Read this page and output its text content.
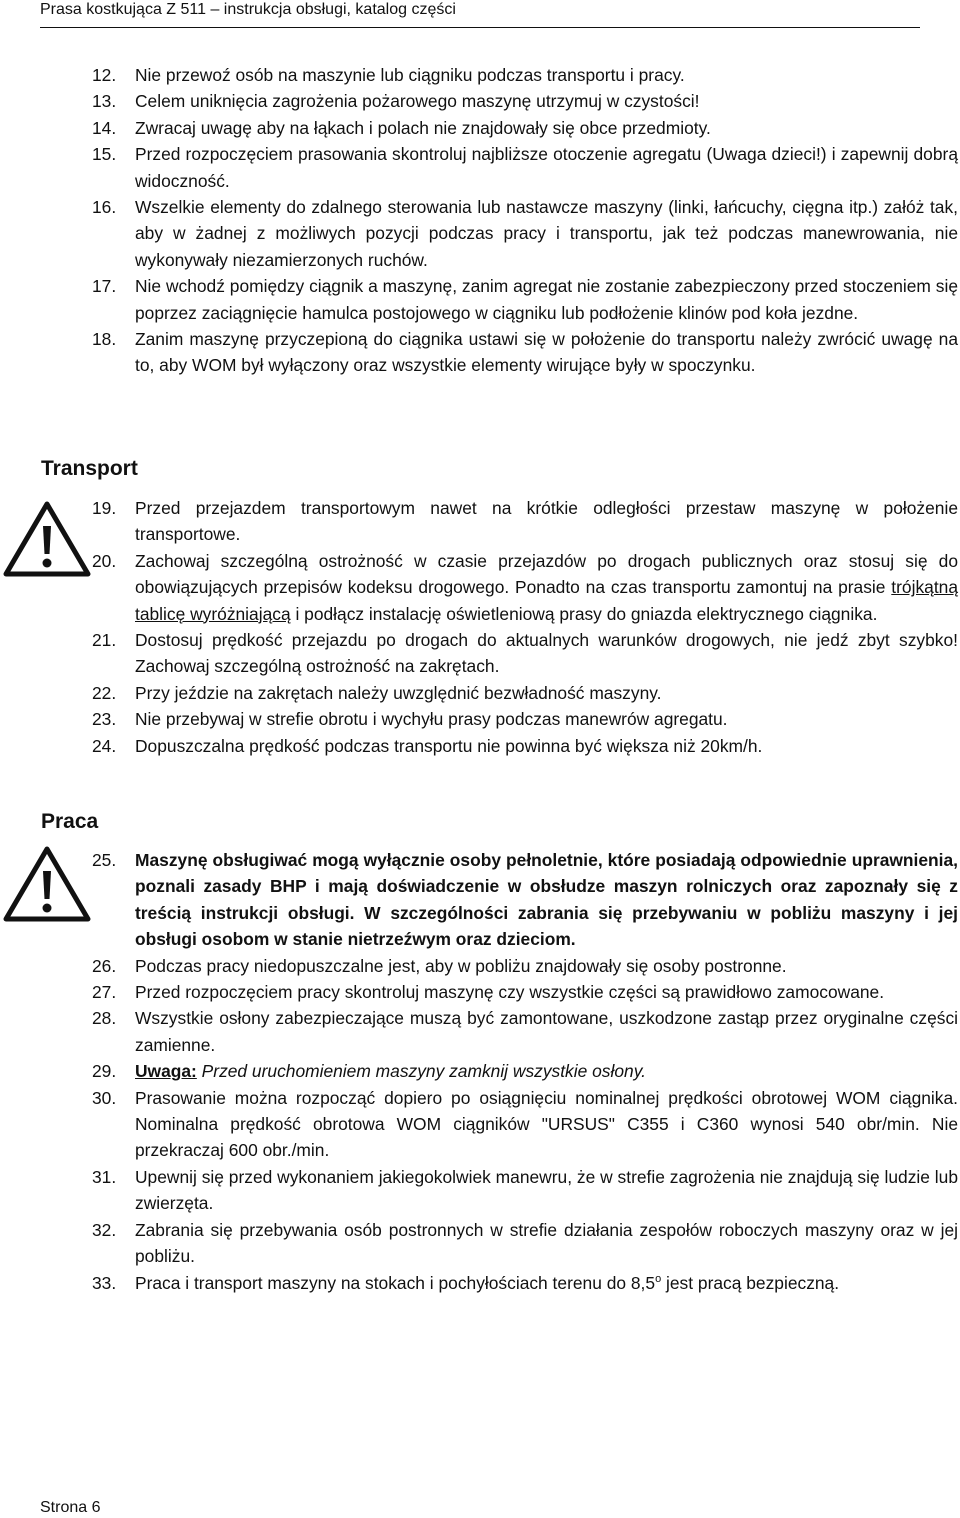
Prasa kostkująca Z 511 – instrukcja obsługi, katalog części
12.	Nie przewoź osób na maszynie lub ciągniku podczas transportu i pracy.
13.	Celem uniknięcia zagrożenia pożarowego maszynę utrzymuj w czystości!
14.	Zwracaj uwagę aby na łąkach i polach nie znajdowały się obce przedmioty.
15.	Przed rozpoczęciem prasowania skontroluj najbliższe otoczenie agregatu (Uwaga dzieci!) i zapewnij dobrą widoczność.
16.	Wszelkie elementy do zdalnego sterowania lub nastawcze maszyny (linki, łańcuchy, cięgna itp.) załóż tak, aby w żadnej z możliwych pozycji podczas pracy i transportu, jak też podczas manewrowania, nie wykonywały niezamierzonych ruchów.
17.	Nie wchodź pomiędzy ciągnik a maszynę, zanim agregat nie zostanie zabezpieczony przed stoczeniem się poprzez zaciągnięcie hamulca postojowego w ciągniku lub podłożenie klinów pod koła jezdne.
18.	Zanim maszynę przyczepioną do ciągnika ustawi się w położenie do transportu należy zwrócić uwagę na to, aby WOM był wyłączony oraz wszystkie elementy wirujące były w spoczynku.
Transport
19.	Przed przejazdem transportowym nawet na krótkie odległości przestaw maszynę w położenie transportowe.
20.	Zachowaj szczególną ostrożność w czasie przejazdów po drogach publicznych oraz stosuj się do obowiązujących przepisów kodeksu drogowego. Ponadto na czas transportu zamontuj na prasie trójkątną tablicę wyróżniającą i podłącz instalację oświetleniową prasy do gniazda elektrycznego ciągnika.
21.	Dostosuj prędkość przejazdu po drogach do aktualnych warunków drogowych, nie jedź zbyt szybko! Zachowaj szczególną ostrożność na zakrętach.
22.	Przy jeździe na zakrętach należy uwzględnić bezwładność maszyny.
23.	Nie przebywaj w strefie obrotu i wychyłu prasy podczas manewrów agregatu.
24.	Dopuszczalna prędkość podczas transportu nie powinna być większa niż 20km/h.
Praca
25.	Maszynę obsługiwać mogą wyłącznie osoby pełnoletnie, które posiadają odpowiednie uprawnienia, poznali zasady BHP i mają doświadczenie w obsłudze maszyn rolniczych oraz zapoznały się z treścią instrukcji obsługi. W szczególności zabrania się przebywaniu w pobliżu maszyny i jej obsługi osobom w stanie nietrzeźwym oraz dzieciom.
26.	Podczas pracy niedopuszczalne jest, aby w pobliżu znajdowały się osoby postronne.
27.	Przed rozpoczęciem pracy skontroluj maszynę czy wszystkie części są prawidłowo zamocowane.
28.	Wszystkie osłony zabezpieczające muszą być zamontowane, uszkodzone zastąp przez oryginalne części zamienne.
29.	Uwaga: Przed uruchomieniem maszyny zamknij wszystkie osłony.
30.	Prasowanie można rozpocząć dopiero po osiągnięciu nominalnej prędkości obrotowej WOM ciągnika. Nominalna prędkość obrotowa WOM ciągników "URSUS" C355 i C360 wynosi 540 obr/min. Nie przekraczaj 600 obr./min.
31.	Upewnij się przed wykonaniem jakiegokolwiek manewru, że w strefie zagrożenia nie znajdują się ludzie lub zwierzęta.
32.	Zabrania się przebywania osób postronnych w strefie działania zespołów roboczych maszyny oraz w jej pobliżu.
33.	Praca i transport maszyny na stokach i pochyłościach terenu do 8,5$^o$ jest pracą bezpieczną.
Strona 6
